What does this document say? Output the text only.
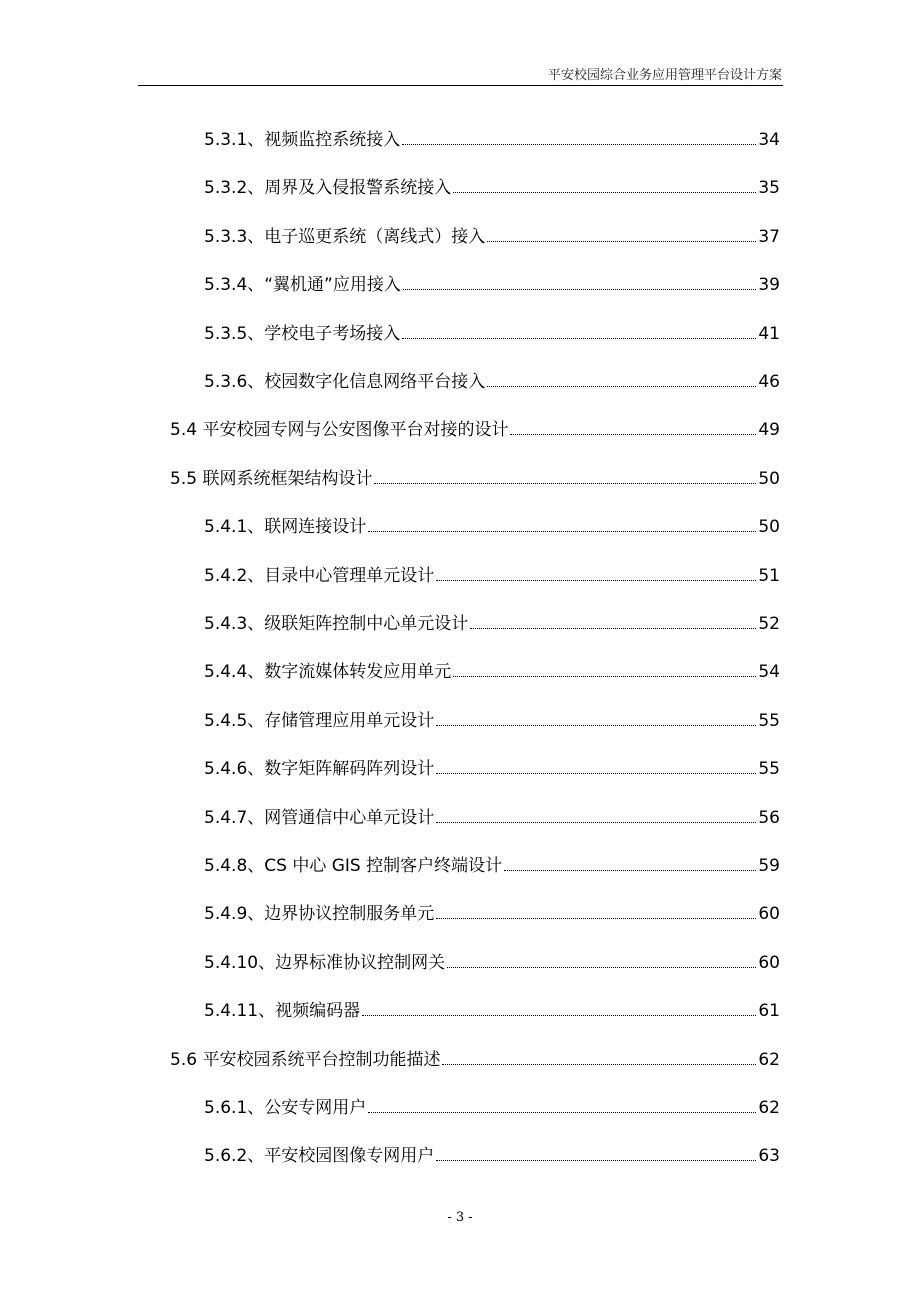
平安校园综合业务应用管理平台设计方案
5.3.1、视频监控系统接入	34
5.3.2、周界及入侵报警系统接入	35
5.3.3、电子巡更系统（离线式）接入	37
5.3.4、“翼机通”应用接入	39
5.3.5、学校电子考场接入	41
5.3.6、校园数字化信息网络平台接入	46
5.4 平安校园专网与公安图像平台对接的设计	49
5.5 联网系统框架结构设计	50
5.4.1、联网连接设计	50
5.4.2、目录中心管理单元设计	51
5.4.3、级联矩阵控制中心单元设计	52
5.4.4、数字流媒体转发应用单元	54
5.4.5、存储管理应用单元设计	55
5.4.6、数字矩阵解码阵列设计	55
5.4.7、网管通信中心单元设计	56
5.4.8、CS 中心 GIS 控制客户终端设计	59
5.4.9、边界协议控制服务单元	60
5.4.10、边界标准协议控制网关	60
5.4.11、视频编码器	61
5.6 平安校园系统平台控制功能描述	62
5.6.1、公安专网用户	62
5.6.2、平安校园图像专网用户	63
- 3 -
